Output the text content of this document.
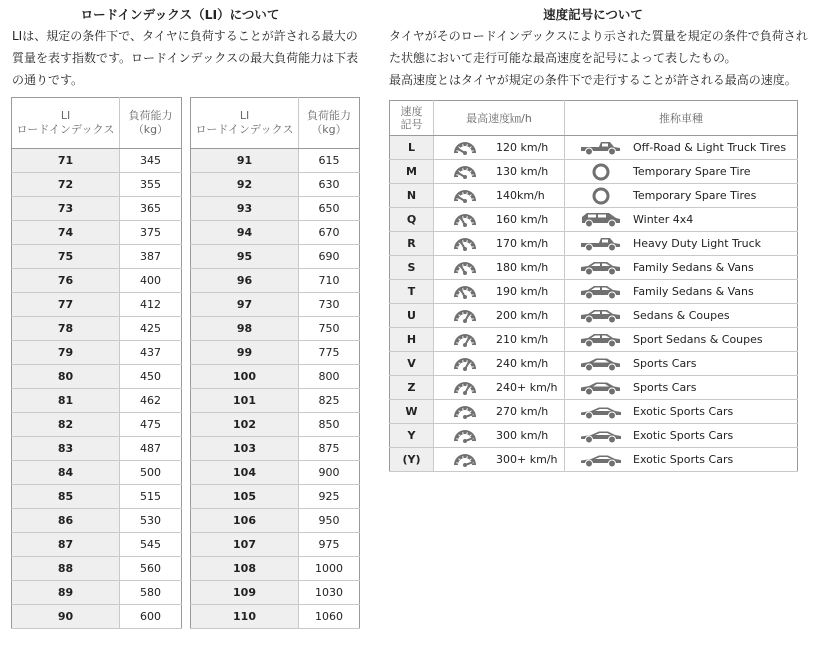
ロードインデックス（LI）について
LIは、規定の条件下で、タイヤに負荷することが許される最大の
質量を表す指数です。ロードインデックスの最大負荷能力は下表
の通りです。
LI
ロードインデックス	負荷能力
（kg）
71	345
72	355
73	365
74	375
75	387
76	400
77	412
78	425
79	437
80	450
81	462
82	475
83	487
84	500
85	515
86	530
87	545
88	560
89	580
90	600
LI
ロードインデックス	負荷能力
（kg）
91	615
92	630
93	650
94	670
95	690
96	710
97	730
98	750
99	775
100	800
101	825
102	850
103	875
104	900
105	925
106	950
107	975
108	1000
109	1030
110	1060
速度記号について
タイヤがそのロードインデックスにより示された質量を規定の条件で負荷され
た状態において走行可能な最高速度を記号によって表したもの。
最高速度とはタイヤが規定の条件下で走行することが許される最高の速度。
速度
記号	最高速度㎞/h	推称車種
L	120 km/h	Off-Road & Light Truck Tires

M	130 km/h	Temporary Spare Tire

N	140km/h	Temporary Spare Tires

Q	160 km/h	Winter 4x4

R	170 km/h	Heavy Duty Light Truck

S	180 km/h	Family Sedans & Vans

T	190 km/h	Family Sedans & Vans

U	200 km/h	Sedans & Coupes

H	210 km/h	Sport Sedans & Coupes

V	240 km/h	Sports Cars

Z	240+ km/h	Sports Cars

W	270 km/h	Exotic Sports Cars

Y	300 km/h	Exotic Sports Cars

(Y)	300+ km/h	Exotic Sports Cars
